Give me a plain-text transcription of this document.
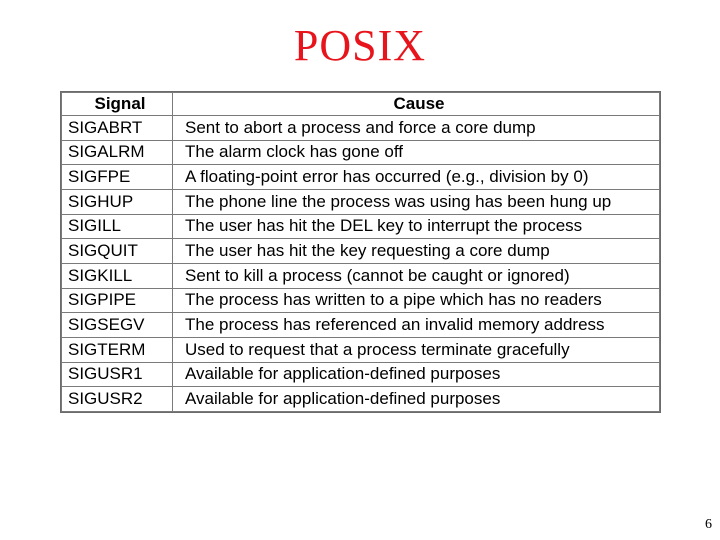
POSIX
Signal	Cause
SIGABRT	Sent to abort a process and force a core dump
SIGALRM	The alarm clock has gone off
SIGFPE	A floating-point error has occurred (e.g., division by 0)
SIGHUP	The phone line the process was using has been hung up
SIGILL	The user has hit the DEL key to interrupt the process
SIGQUIT	The user has hit the key requesting a core dump
SIGKILL	Sent to kill a process (cannot be caught or ignored)
SIGPIPE	The process has written to a pipe which has no readers
SIGSEGV	The process has referenced an invalid memory address
SIGTERM	Used to request that a process terminate gracefully
SIGUSR1	Available for application-defined purposes
SIGUSR2	Available for application-defined purposes
6
